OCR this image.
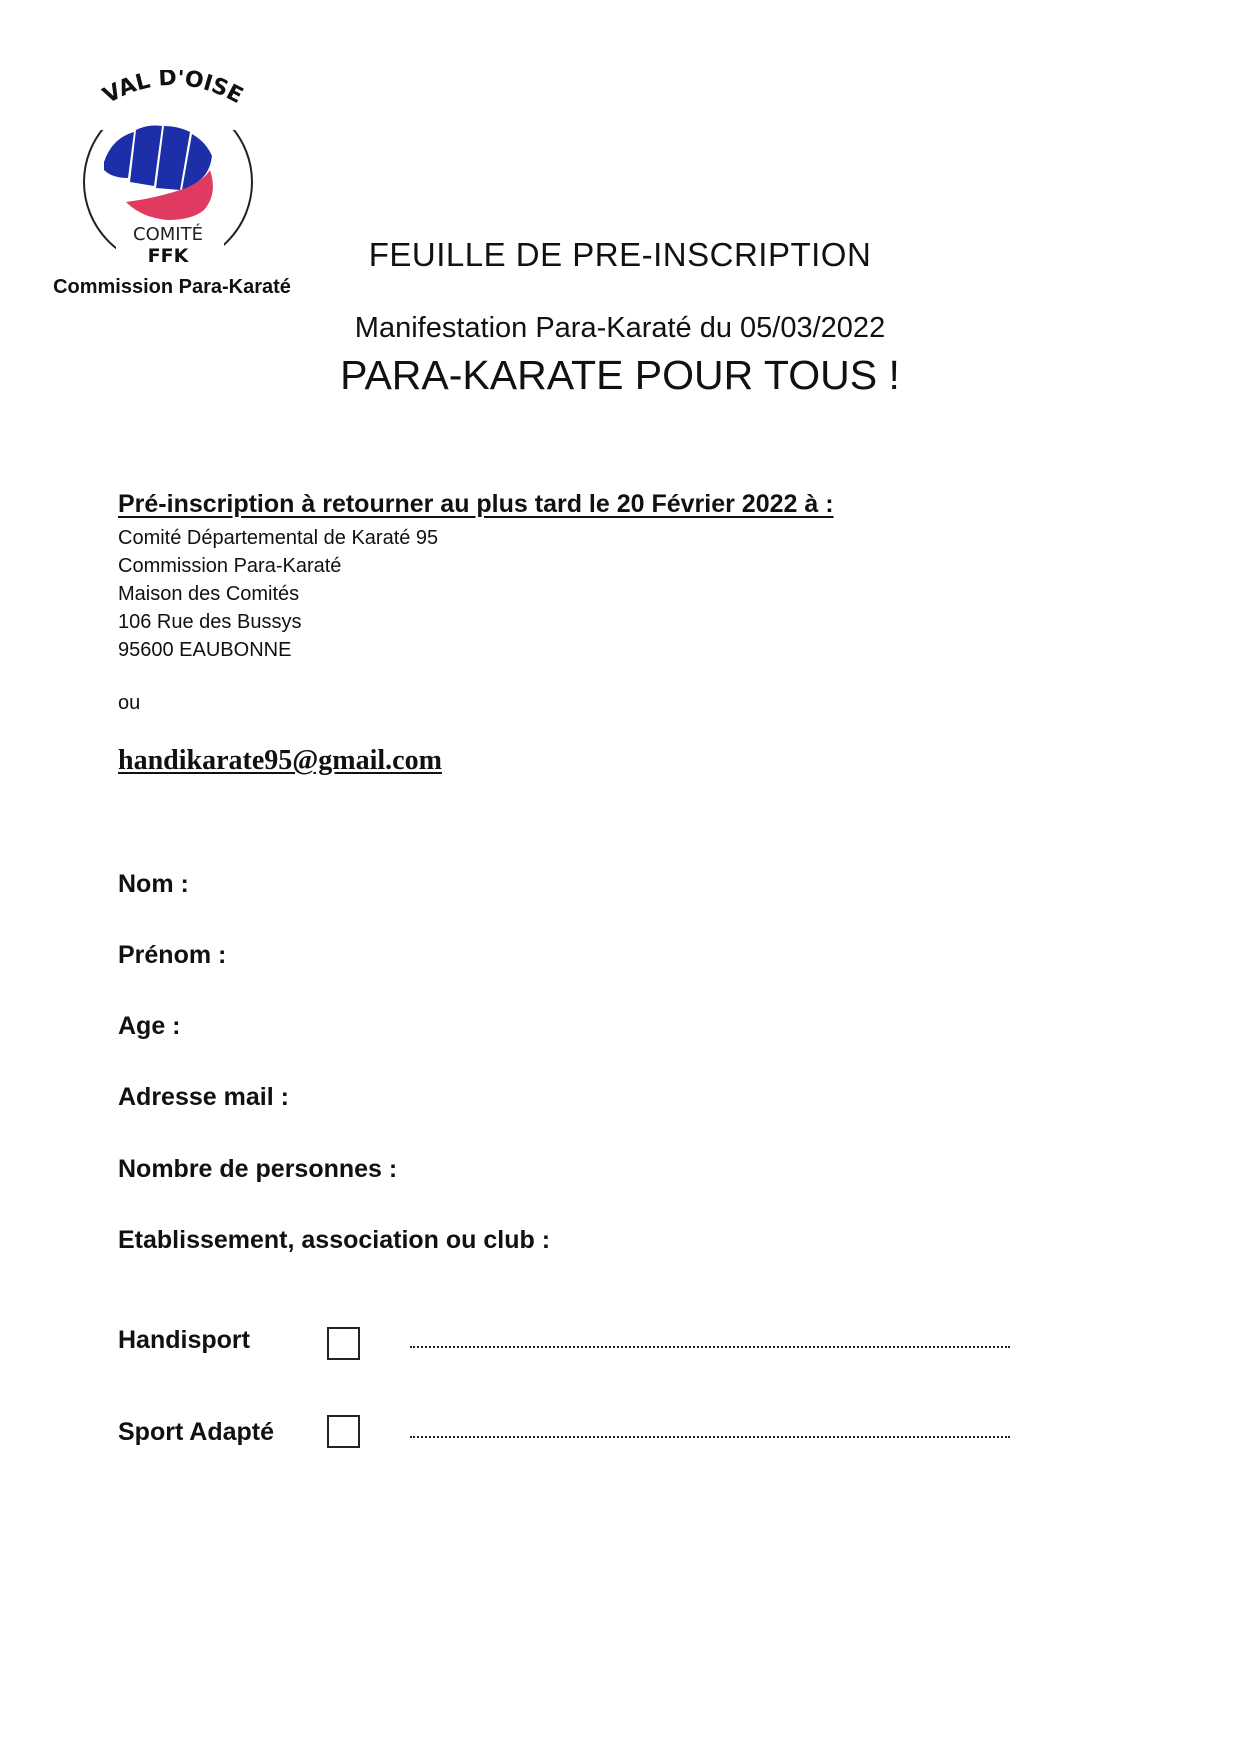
VAL D'OISE
COMITÉ
FFK
Commission Para-Karaté
FEUILLE DE PRE-INSCRIPTION
Manifestation Para-Karaté du 05/03/2022
PARA-KARATE POUR TOUS !
Pré-inscription à retourner au plus tard le 20 Février 2022 à :
Comité Départemental de Karaté 95
Commission Para-Karaté
Maison des Comités
106 Rue des Bussys
95600 EAUBONNE
ou
handikarate95@gmail.com
Nom :
Prénom :
Age :
Adresse mail :
Nombre de personnes :
Etablissement, association ou club :
Handisport
Sport Adapté
